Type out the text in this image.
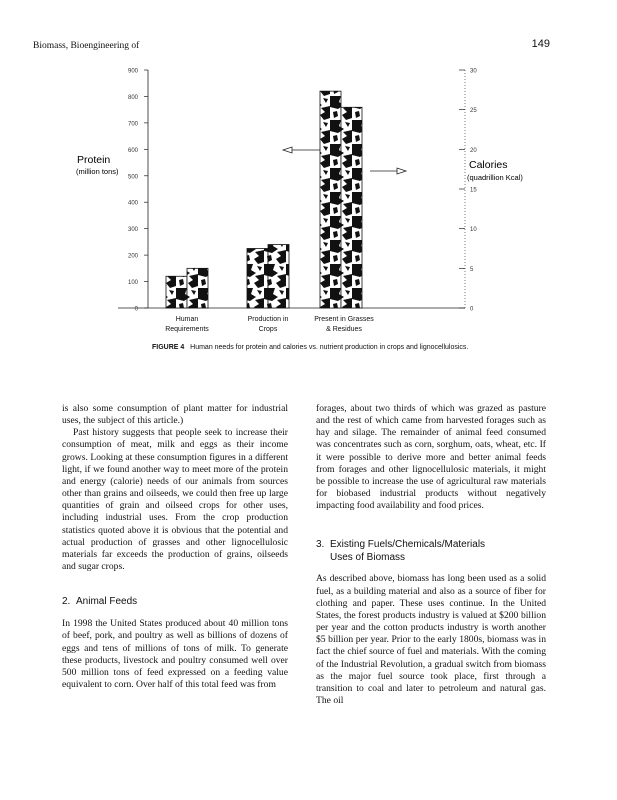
Biomass, Bioengineering of	149
0
100
200
300
400
500
600
700
800
900
0
5
10
15
20
25
30
Human
Requirements
Production in
Crops
Present in Grasses
& Residues
Protein
(million tons)
Calories
(quadrillion Kcal)
FIGURE 4 Human needs for protein and calories vs. nutrient production in crops and lignocellulosics.

is also some consumption of plant matter for industrial uses, the subject of this article.)

Past history suggests that people seek to increase their consumption of meat, milk and eggs as their income grows. Looking at these consumption figures in a different light, if we found another way to meet more of the protein and energy (calorie) needs of our animals from sources other than grains and oilseeds, we could then free up large quantities of grain and oilseed crops for other uses, including industrial uses. From the crop production statistics quoted above it is obvious that the potential and actual production of grasses and other lignocellulosic materials far exceeds the production of grains, oilseeds and sugar crops.

2. Animal Feeds

In 1998 the United States produced about 40 million tons of beef, pork, and poultry as well as billions of dozens of eggs and tens of millions of tons of milk. To generate these products, livestock and poultry consumed well over 500 million tons of feed expressed on a feeding value equivalent to corn. Over half of this total feed was from

forages, about two thirds of which was grazed as pasture and the rest of which came from harvested forages such as hay and silage. The remainder of animal feed consumed was concentrates such as corn, sorghum, oats, wheat, etc. If it were possible to derive more and better animal feeds from forages and other lignocellulosic materials, it might be possible to increase the use of agricultural raw materials for biobased industrial products without negatively impacting food availability and food prices.

3. Existing Fuels/Chemicals/Materials

Uses of Biomass

As described above, biomass has long been used as a solid fuel, as a building material and also as a source of fiber for clothing and paper. These uses continue. In the United States, the forest products industry is valued at $200 billion per year and the cotton products industry is worth another $5 billion per year. Prior to the early 1800s, biomass was in fact the chief source of fuel and materials. With the coming of the Industrial Revolution, a gradual switch from biomass as the major fuel source took place, first through a transition to coal and later to petroleum and natural gas. The oil
